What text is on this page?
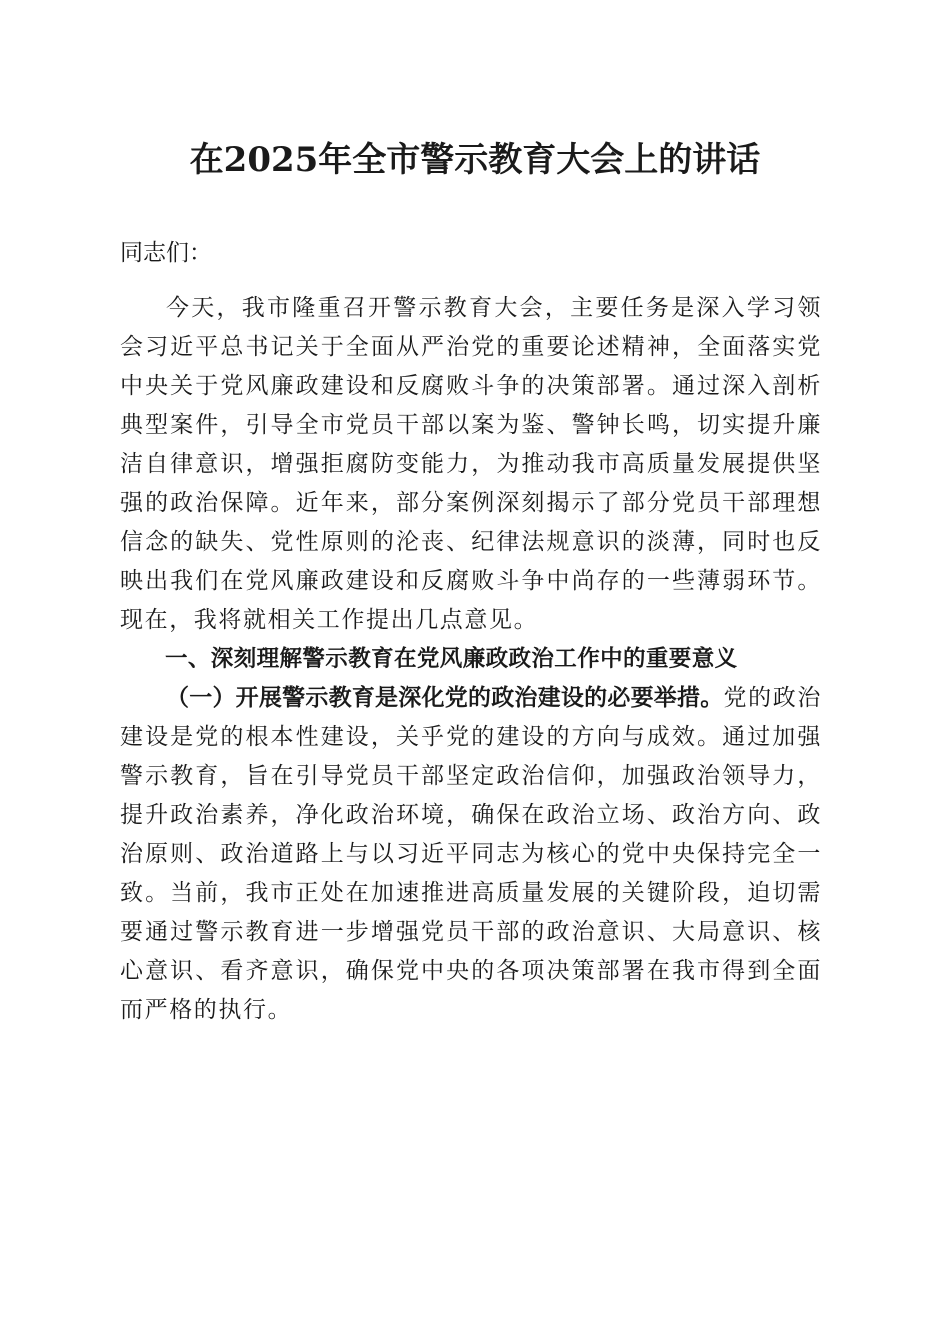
在2025年全市警示教育大会上的讲话

同志们：

今天，我市隆重召开警示教育大会，主要任务是深入学习领会习近平总书记关于全面从严治党的重要论述精神，全面落实党中央关于党风廉政建设和反腐败斗争的决策部署。通过深入剖析典型案件，引导全市党员干部以案为鉴、警钟长鸣，切实提升廉洁自律意识，增强拒腐防变能力，为推动我市高质量发展提供坚强的政治保障。近年来，部分案例深刻揭示了部分党员干部理想信念的缺失、党性原则的沦丧、纪律法规意识的淡薄，同时也反映出我们在党风廉政建设和反腐败斗争中尚存的一些薄弱环节。现在，我将就相关工作提出几点意见。

一、深刻理解警示教育在党风廉政政治工作中的重要意义

（一）开展警示教育是深化党的政治建设的必要举措。党的政治建设是党的根本性建设，关乎党的建设的方向与成效。通过加强警示教育，旨在引导党员干部坚定政治信仰，加强政治领导力，提升政治素养，净化政治环境，确保在政治立场、政治方向、政治原则、政治道路上与以习近平同志为核心的党中央保持完全一致。当前，我市正处在加速推进高质量发展的关键阶段，迫切需要通过警示教育进一步增强党员干部的政治意识、大局意识、核心意识、看齐意识，确保党中央的各项决策部署在我市得到全面而严格的执行。
